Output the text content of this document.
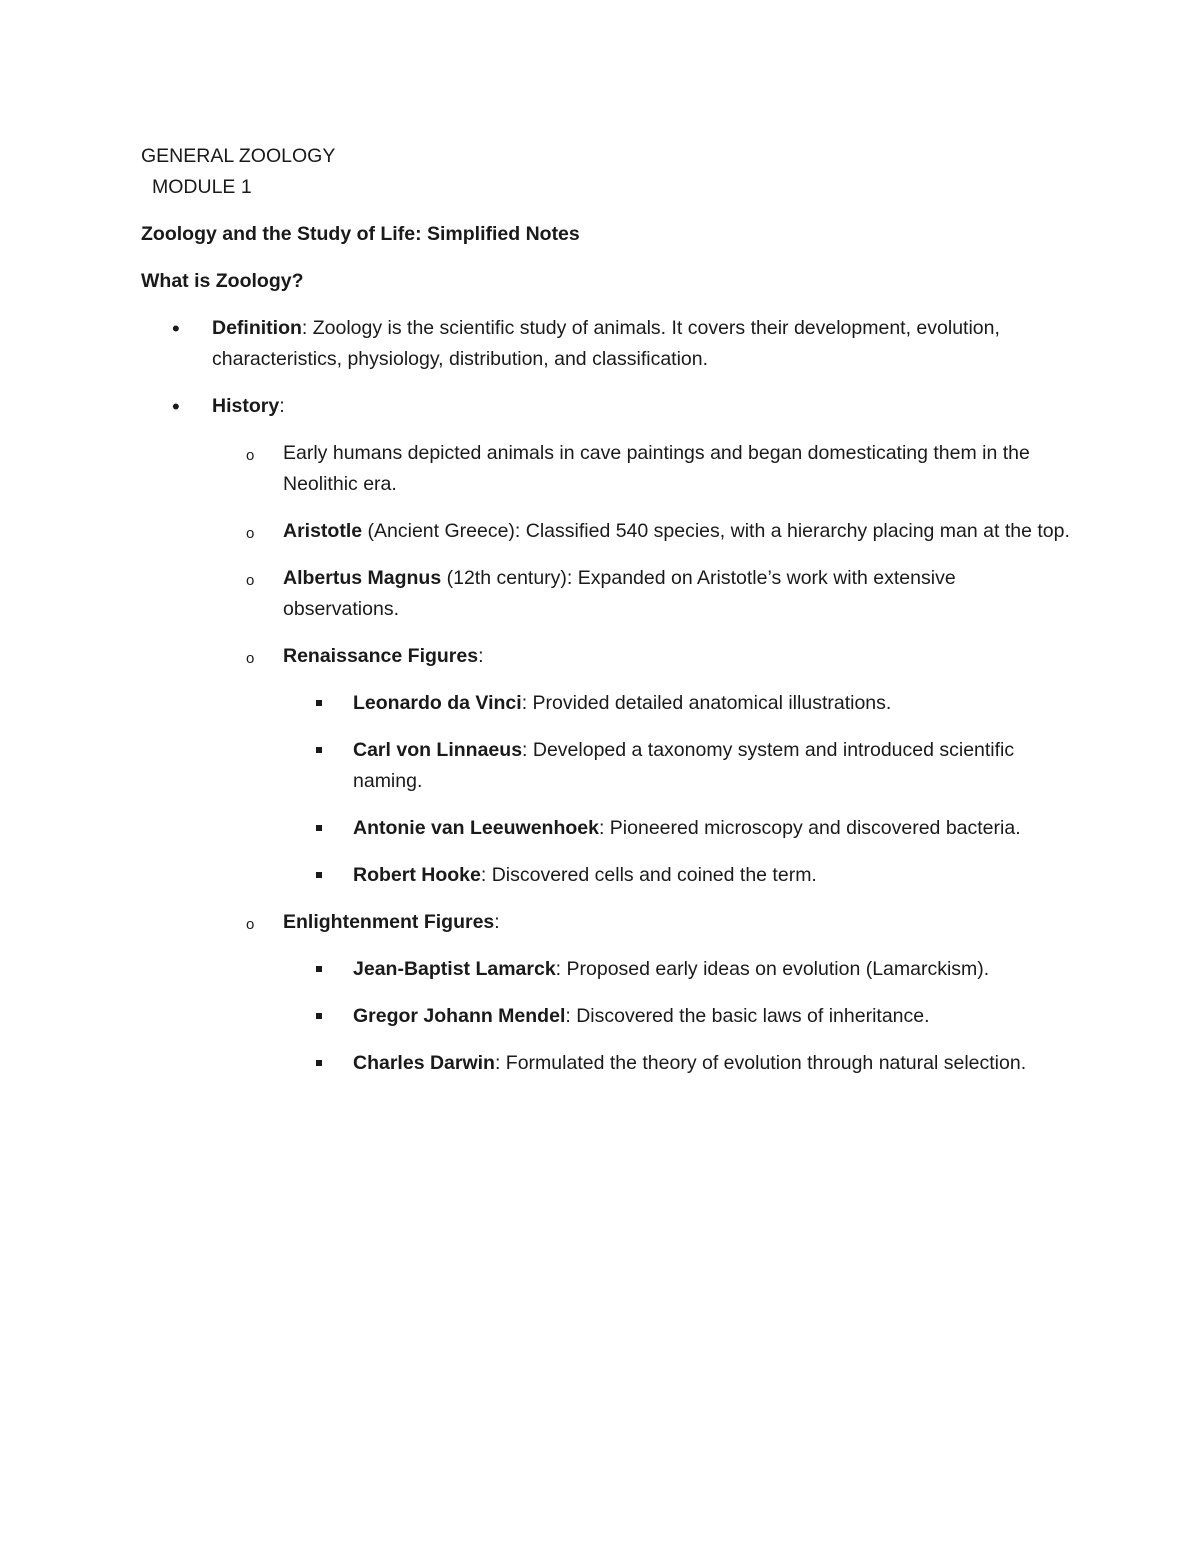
GENERAL ZOOLOGY

MODULE 1

Zoology and the Study of Life: Simplified Notes

What is Zoology?

• Definition: Zoology is the scientific study of animals. It covers their development, evolution, characteristics, physiology, distribution, and classification.
• History:
o Early humans depicted animals in cave paintings and began domesticating them in the Neolithic era.
o Aristotle (Ancient Greece): Classified 540 species, with a hierarchy placing man at the top.
o Albertus Magnus (12th century): Expanded on Aristotle’s work with extensive observations.
o Renaissance Figures:
Leonardo da Vinci: Provided detailed anatomical illustrations.
Carl von Linnaeus: Developed a taxonomy system and introduced scientific naming.
Antonie van Leeuwenhoek: Pioneered microscopy and discovered bacteria.
Robert Hooke: Discovered cells and coined the term.
o Enlightenment Figures:
Jean-Baptist Lamarck: Proposed early ideas on evolution (Lamarckism).
Gregor Johann Mendel: Discovered the basic laws of inheritance.
Charles Darwin: Formulated the theory of evolution through natural selection.
